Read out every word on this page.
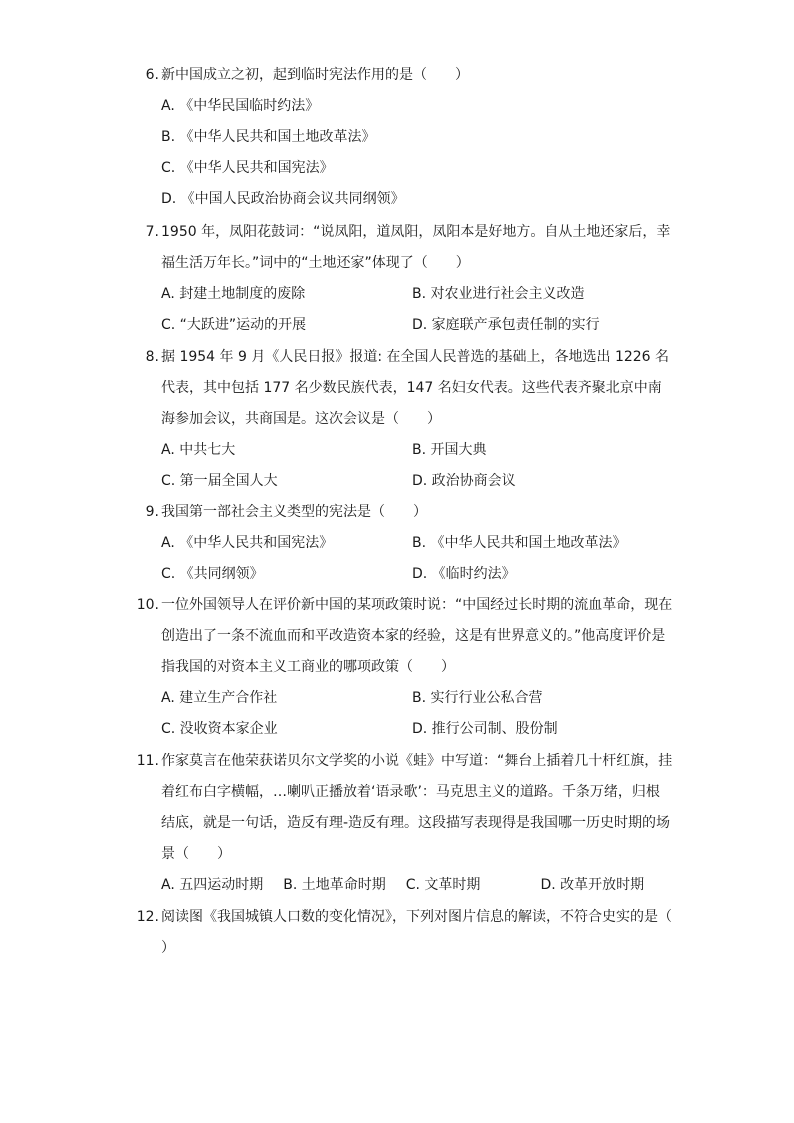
6. 新中国成立之初，起到临时宪法作用的是（　　）
A. 《中华民国临时约法》
B. 《中华人民共和国土地改革法》
C. 《中华人民共和国宪法》
D. 《中国人民政治协商会议共同纲领》
7. 1950 年，凤阳花鼓词：“说凤阳，道凤阳，凤阳本是好地方。自从土地还家后，幸福生活万年长。”词中的“土地还家”体现了（　　）
A. 封建土地制度的废除	B. 对农业进行社会主义改造
C. “大跃进”运动的开展	D. 家庭联产承包责任制的实行
8. 据 1954 年 9 月《人民日报》报道: 在全国人民普选的基础上，各地选出 1226 名代表，其中包括 177 名少数民族代表，147 名妇女代表。这些代表齐聚北京中南海参加会议，共商国是。这次会议是（　　）
A. 中共七大	B. 开国大典
C. 第一届全国人大	D. 政治协商会议
9. 我国第一部社会主义类型的宪法是（　　）
A. 《中华人民共和国宪法》	B. 《中华人民共和国土地改革法》
C. 《共同纲领》	D. 《临时约法》
10. 一位外国领导人在评价新中国的某项政策时说：“中国经过长时期的流血革命，现在创造出了一条不流血而和平改造资本家的经验，这是有世界意义的。”他高度评价是指我国的对资本主义工商业的哪项政策（　　）
A. 建立生产合作社	B. 实行行业公私合营
C. 没收资本家企业	D. 推行公司制、股份制
11. 作家莫言在他荣获诺贝尔文学奖的小说《蛙》中写道：“舞台上插着几十杆红旗，挂着红布白字横幅，…喇叭正播放着‘语录歌’：马克思主义的道路。千条万绪，归根结底，就是一句话，造反有理-造反有理。这段描写表现得是我国哪一历史时期的场景（　　）
A. 五四运动时期 B. 土地革命时期 C. 文革时期	D. 改革开放时期
12. 阅读图《我国城镇人口数的变化情况》，下列对图片信息的解读，不符合史实的是（　　）
